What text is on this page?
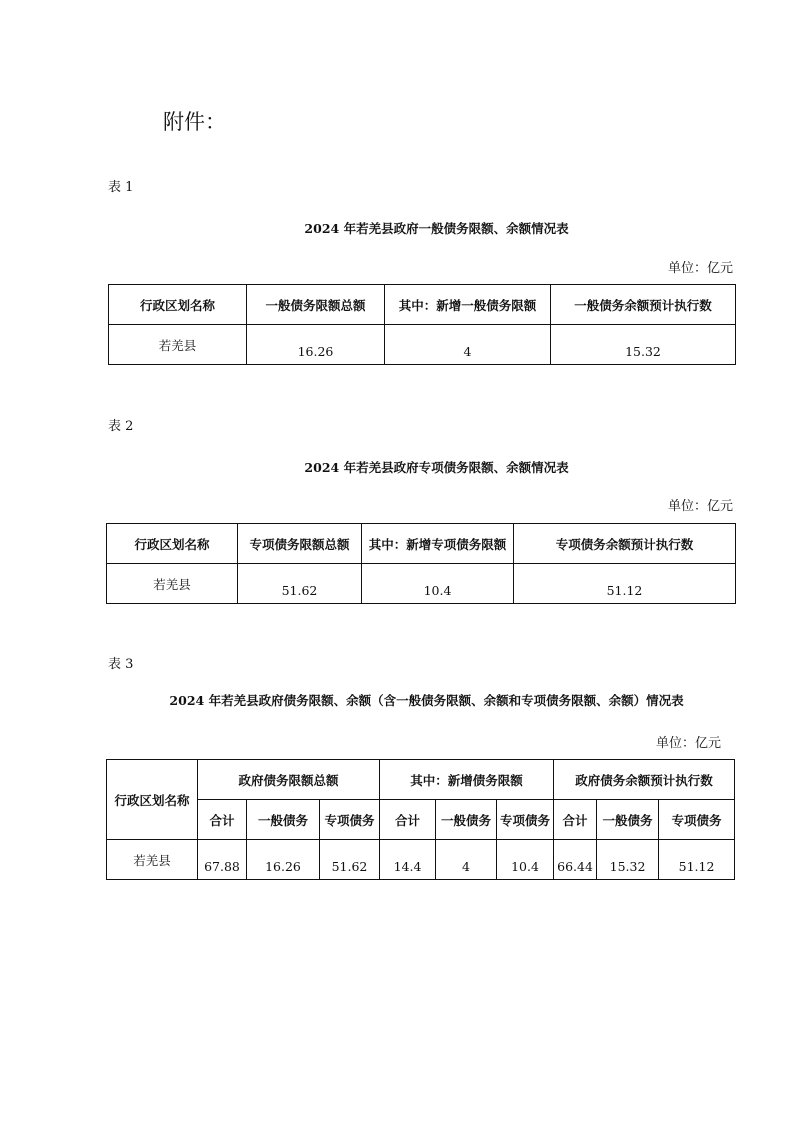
附件：
表 1
2024 年若羌县政府一般债务限额、余额情况表
单位：亿元
行政区划名称	一般债务限额总额	其中：新增一般债务限额	一般债务余额预计执行数
若羌县	16.26	4	15.32
表 2
2024 年若羌县政府专项债务限额、余额情况表
单位：亿元
行政区划名称	专项债务限额总额	其中：新增专项债务限额	专项债务余额预计执行数
若羌县	51.62	10.4	51.12
表 3
2024 年若羌县政府债务限额、余额（含一般债务限额、余额和专项债务限额、余额）情况表
单位：亿元
行政区划名称	政府债务限额总额			其中：新增债务限额			政府债务余额预计执行数		
	合计	一般债务	专项债务	合计	一般债务	专项债务	合计	一般债务	专项债务
若羌县	67.88	16.26	51.62	14.4	4	10.4	66.44	15.32	51.12
